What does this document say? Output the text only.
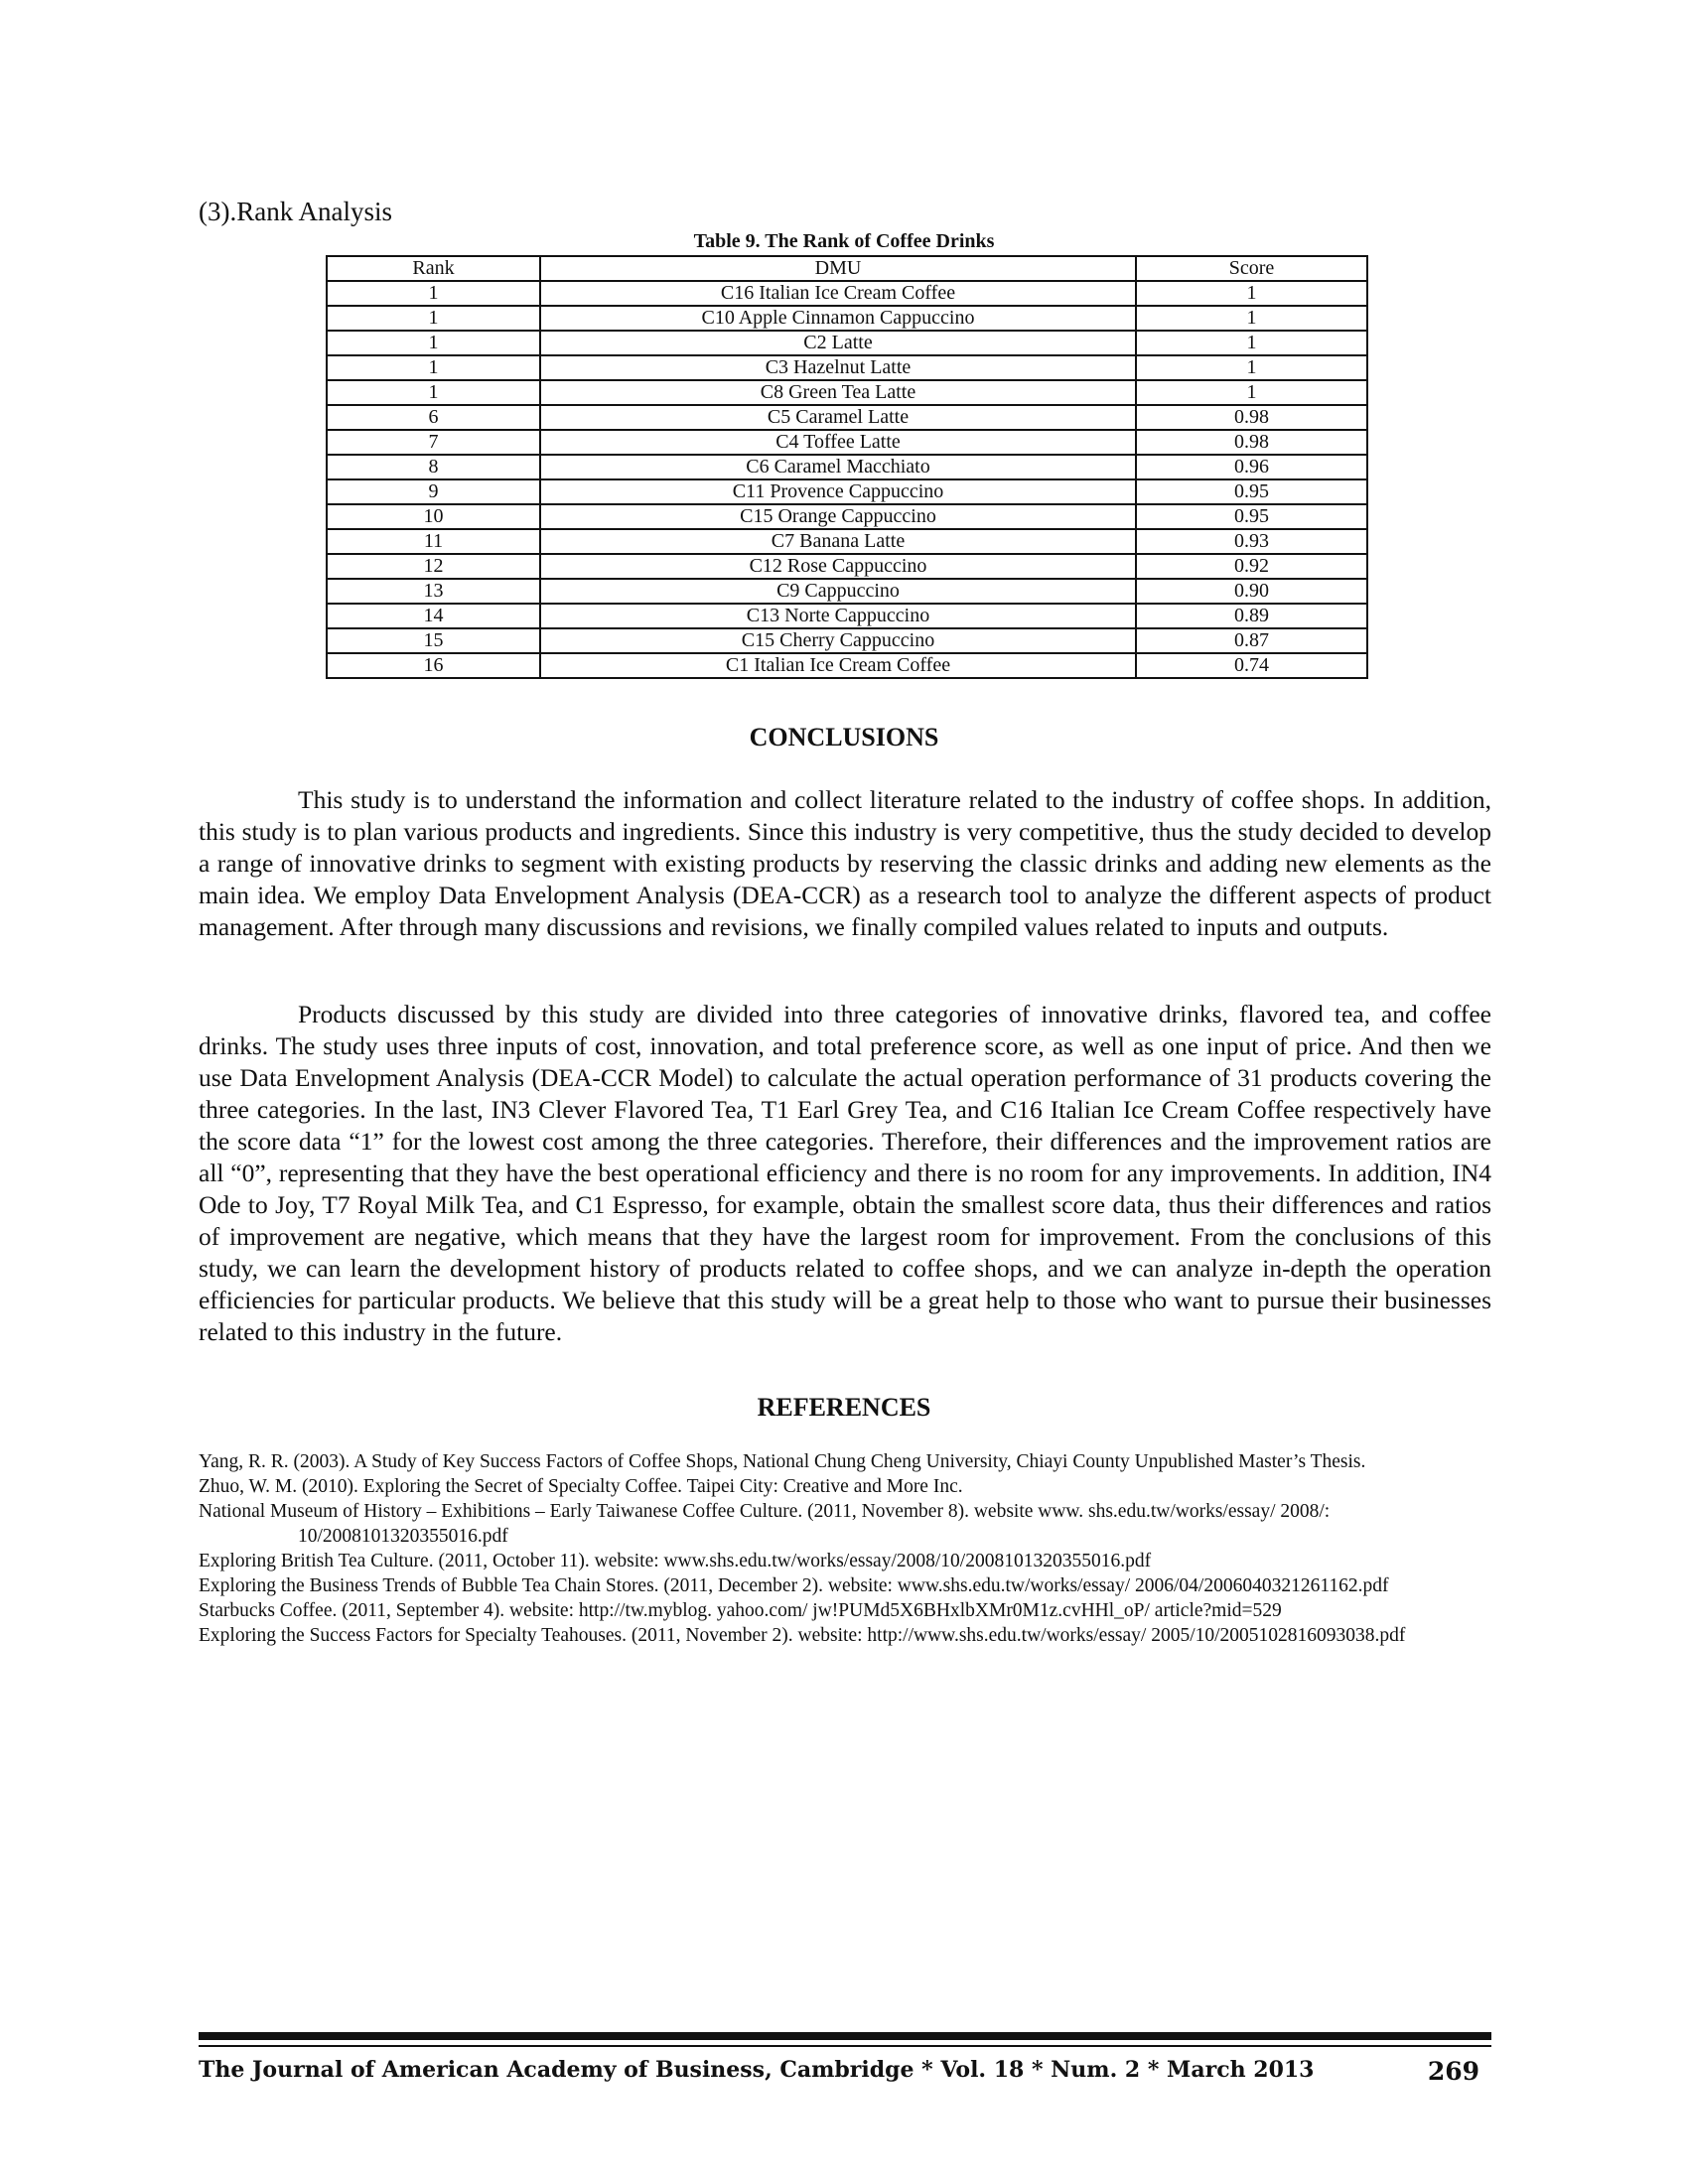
(3).Rank Analysis
Table 9. The Rank of Coffee Drinks
Rank	DMU	Score
1	C16 Italian Ice Cream Coffee	1
1	C10 Apple Cinnamon Cappuccino	1
1	C2 Latte	1
1	C3 Hazelnut Latte	1
1	C8 Green Tea Latte	1
6	C5 Caramel Latte	0.98
7	C4 Toffee Latte	0.98
8	C6 Caramel Macchiato	0.96
9	C11 Provence Cappuccino	0.95
10	C15 Orange Cappuccino	0.95
11	C7 Banana Latte	0.93
12	C12 Rose Cappuccino	0.92
13	C9 Cappuccino	0.90
14	C13 Norte Cappuccino	0.89
15	C15 Cherry Cappuccino	0.87
16	C1 Italian Ice Cream Coffee	0.74
CONCLUSIONS

This study is to understand the information and collect literature related to the industry of coffee shops. In addition, this study is to plan various products and ingredients. Since this industry is very competitive, thus the study decided to develop a range of innovative drinks to segment with existing products by reserving the classic drinks and adding new elements as the main idea. We employ Data Envelopment Analysis (DEA-CCR) as a research tool to analyze the different aspects of product management. After through many discussions and revisions, we finally compiled values related to inputs and outputs.

Products discussed by this study are divided into three categories of innovative drinks, flavored tea, and coffee drinks. The study uses three inputs of cost, innovation, and total preference score, as well as one input of price. And then we use Data Envelopment Analysis (DEA-CCR Model) to calculate the actual operation performance of 31 products covering the three categories. In the last, IN3 Clever Flavored Tea, T1 Earl Grey Tea, and C16 Italian Ice Cream Coffee respectively have the score data “1” for the lowest cost among the three categories. Therefore, their differences and the improvement ratios are all “0”, representing that they have the best operational efficiency and there is no room for any improvements. In addition, IN4 Ode to Joy, T7 Royal Milk Tea, and C1 Espresso, for example, obtain the smallest score data, thus their differences and ratios of improvement are negative, which means that they have the largest room for improvement. From the conclusions of this study, we can learn the development history of products related to coffee shops, and we can analyze in-depth the operation efficiencies for particular products. We believe that this study will be a great help to those who want to pursue their businesses related to this industry in the future.

REFERENCES

Yang, R. R. (2003). A Study of Key Success Factors of Coffee Shops, National Chung Cheng University, Chiayi County Unpublished Master’s Thesis.

Zhuo, W. M. (2010). Exploring the Secret of Specialty Coffee. Taipei City: Creative and More Inc.

National Museum of History – Exhibitions – Early Taiwanese Coffee Culture. (2011, November 8). website www. shs.edu.tw/works/essay/ 2008/: 10/2008101320355016.pdf

Exploring British Tea Culture. (2011, October 11). website: www.shs.edu.tw/works/essay/2008/10/2008101320355016.pdf

Exploring the Business Trends of Bubble Tea Chain Stores. (2011, December 2). website: www.shs.edu.tw/works/essay/ 2006/04/2006040321261162.pdf

Starbucks Coffee. (2011, September 4). website: http://tw.myblog. yahoo.com/ jw!PUMd5X6BHxlbXMr0M1z.cvHHl_oP/ article?mid=529

Exploring the Success Factors for Specialty Teahouses. (2011, November 2). website: http://www.shs.edu.tw/works/essay/ 2005/10/2005102816093038.pdf

The Journal of American Academy of Business, Cambridge * Vol. 18 * Num. 2 * March 2013	269
